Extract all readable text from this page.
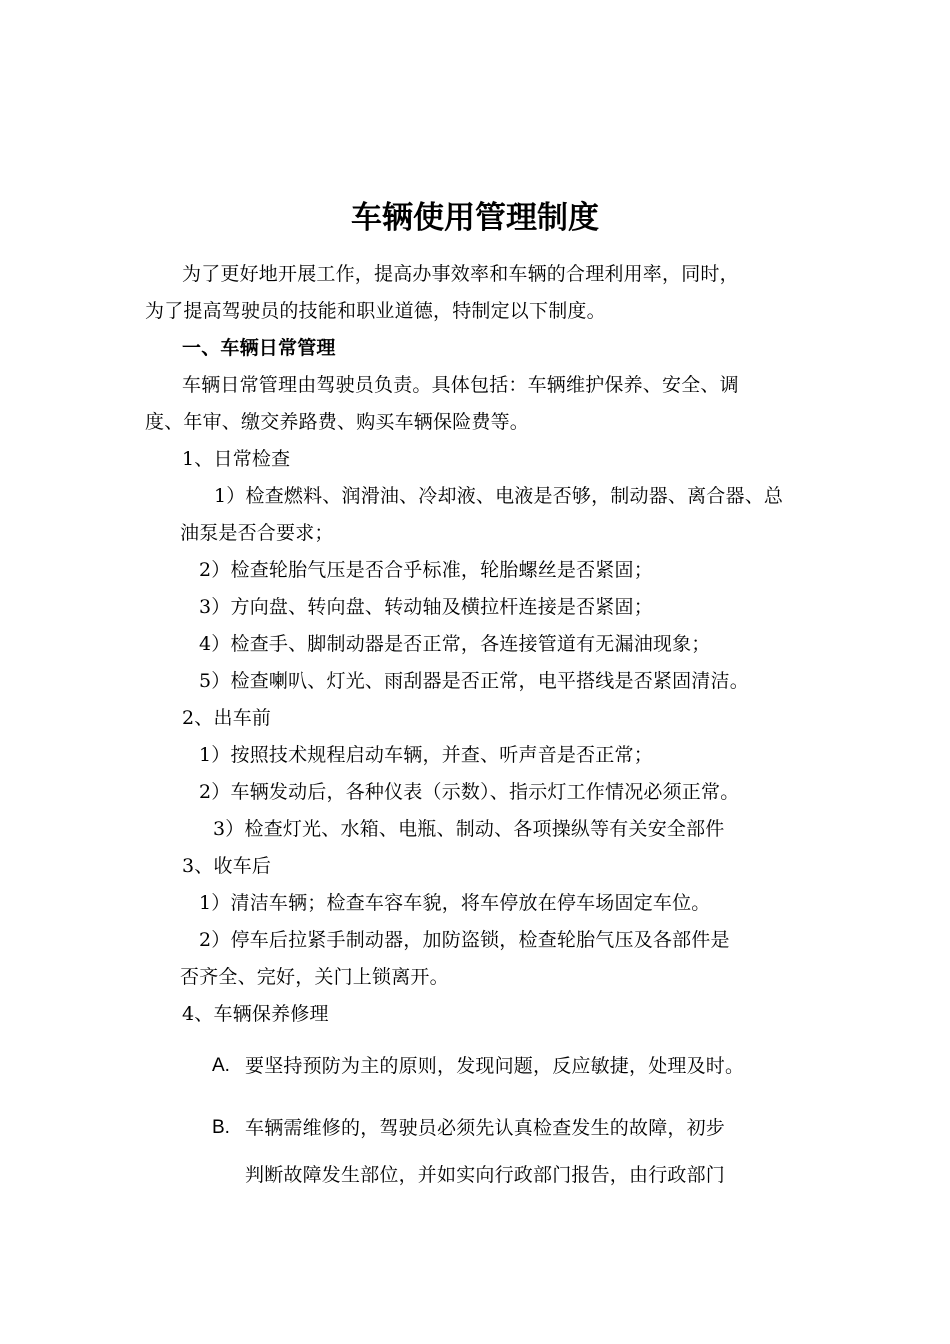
车辆使用管理制度
为了更好地开展工作，提高办事效率和车辆的合理利用率，同时，
为了提高驾驶员的技能和职业道德，特制定以下制度。
一、车辆日常管理
车辆日常管理由驾驶员负责。具体包括：车辆维护保养、安全、调
度、年审、缴交养路费、购买车辆保险费等。
1、日常检查
1）检查燃料、润滑油、冷却液、电液是否够，制动器、离合器、总
油泵是否合要求；
2）检查轮胎气压是否合乎标准，轮胎螺丝是否紧固；
3）方向盘、转向盘、转动轴及横拉杆连接是否紧固；
4）检查手、脚制动器是否正常，各连接管道有无漏油现象；
5）检查喇叭、灯光、雨刮器是否正常，电平搭线是否紧固清洁。
2、出车前
1）按照技术规程启动车辆，并查、听声音是否正常；
2）车辆发动后，各种仪表（示数）、指示灯工作情况必须正常。
3）检查灯光、水箱、电瓶、制动、各项操纵等有关安全部件
3、收车后
1）清洁车辆；检查车容车貌，将车停放在停车场固定车位。
2）停车后拉紧手制动器，加防盗锁，检查轮胎气压及各部件是
否齐全、完好，关门上锁离开。
4、车辆保养修理
A. 要坚持预防为主的原则，发现问题，反应敏捷，处理及时。
B. 车辆需维修的，驾驶员必须先认真检查发生的故障，初步
判断故障发生部位，并如实向行政部门报告，由行政部门
